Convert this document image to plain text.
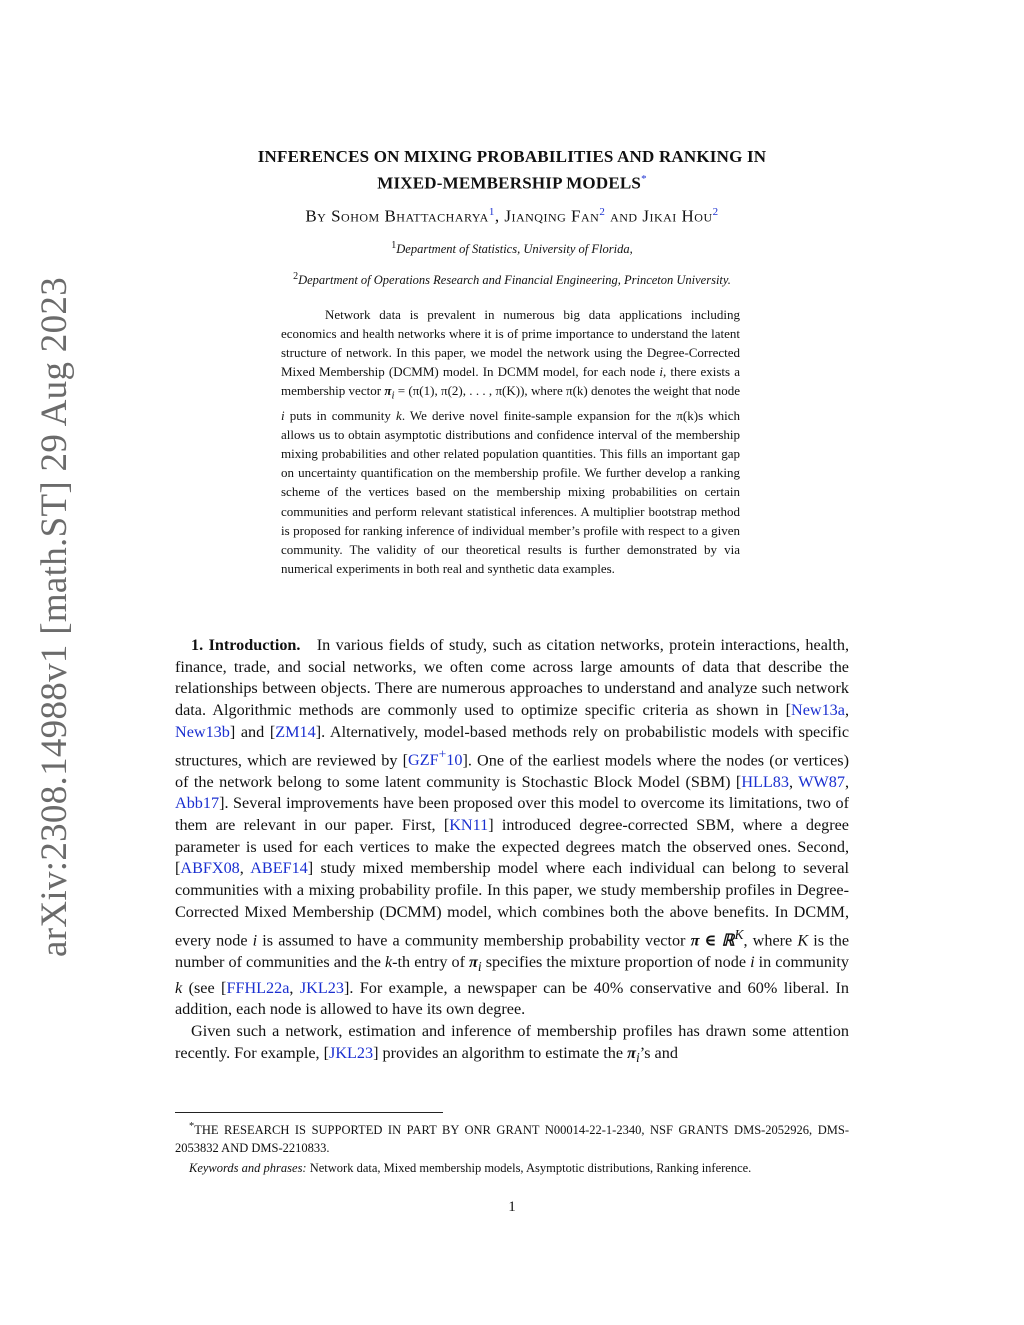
arXiv:2308.14988v1 [math.ST] 29 Aug 2023
INFERENCES ON MIXING PROBABILITIES AND RANKING IN
MIXED-MEMBERSHIP MODELS*
By Sohom Bhattacharya$^1$, Jianqing Fan$^2$ and Jikai Hou$^2$
$^1$Department of Statistics, University of Florida,
$^2$Department of Operations Research and Financial Engineering, Princeton University.

Network data is prevalent in numerous big data applications including economics and health networks where it is of prime importance to understand the latent structure of network. In this paper, we model the network using the Degree-Corrected Mixed Membership (DCMM) model. In DCMM model, for each node i, there exists a membership vector $\pi_i = (\pi(1)$, π(2), . . . , π(K)), where π(k) denotes the weight that node i puts in community k. We derive novel finite-sample expansion for the π(k)s which allows us to obtain asymptotic distributions and confidence interval of the membership mixing probabilities and other related population quantities. This fills an important gap on uncertainty quantification on the membership profile. We further develop a ranking scheme of the vertices based on the membership mixing probabilities on certain communities and perform relevant statistical inferences. A multiplier bootstrap method is proposed for ranking inference of individual member’s profile with respect to a given community. The validity of our theoretical results is further demonstrated by via numerical experiments in both real and synthetic data examples.

1. Introduction. In various fields of study, such as citation networks, protein interactions, health, finance, trade, and social networks, we often come across large amounts of data that describe the relationships between objects. There are numerous approaches to understand and analyze such network data. Algorithmic methods are commonly used to optimize specific criteria as shown in [New13a, New13b] and [ZM14]. Alternatively, model-based methods rely on probabilistic models with specific structures, which are reviewed by [GZF+10]. One of the earliest models where the nodes (or vertices) of the network belong to some latent community is Stochastic Block Model (SBM) [HLL83, WW87, Abb17]. Several improvements have been proposed over this model to overcome its limitations, two of them are relevant in our paper. First, [KN11] introduced degree-corrected SBM, where a degree parameter is used for each vertices to make the expected degrees match the observed ones. Second, [ABFX08, ABEF14] study mixed membership model where each individual can belong to several communities with a mixing probability profile. In this paper, we study membership profiles in Degree-Corrected Mixed Membership (DCMM) model, which combines both the above benefits. In DCMM, every node i is assumed to have a community membership probability vector π ∈ ℝ$^K$, where K is the number of communities and the k-th entry of $\pi_i$ specifies the mixture proportion of node i in community k (see [FFHL22a, JKL23]. For example, a newspaper can be 40% conservative and 60% liberal. In addition, each node is allowed to have its own degree.

Given such a network, estimation and inference of membership profiles has drawn some attention recently. For example, [JKL23] provides an algorithm to estimate the $\pi_i’s$ and

*THE RESEARCH IS SUPPORTED IN PART BY ONR GRANT N00014-22-1-2340, NSF GRANTS DMS-2052926, DMS-2053832 AND DMS-2210833.

Keywords and phrases: Network data, Mixed membership models, Asymptotic distributions, Ranking inference.

1
